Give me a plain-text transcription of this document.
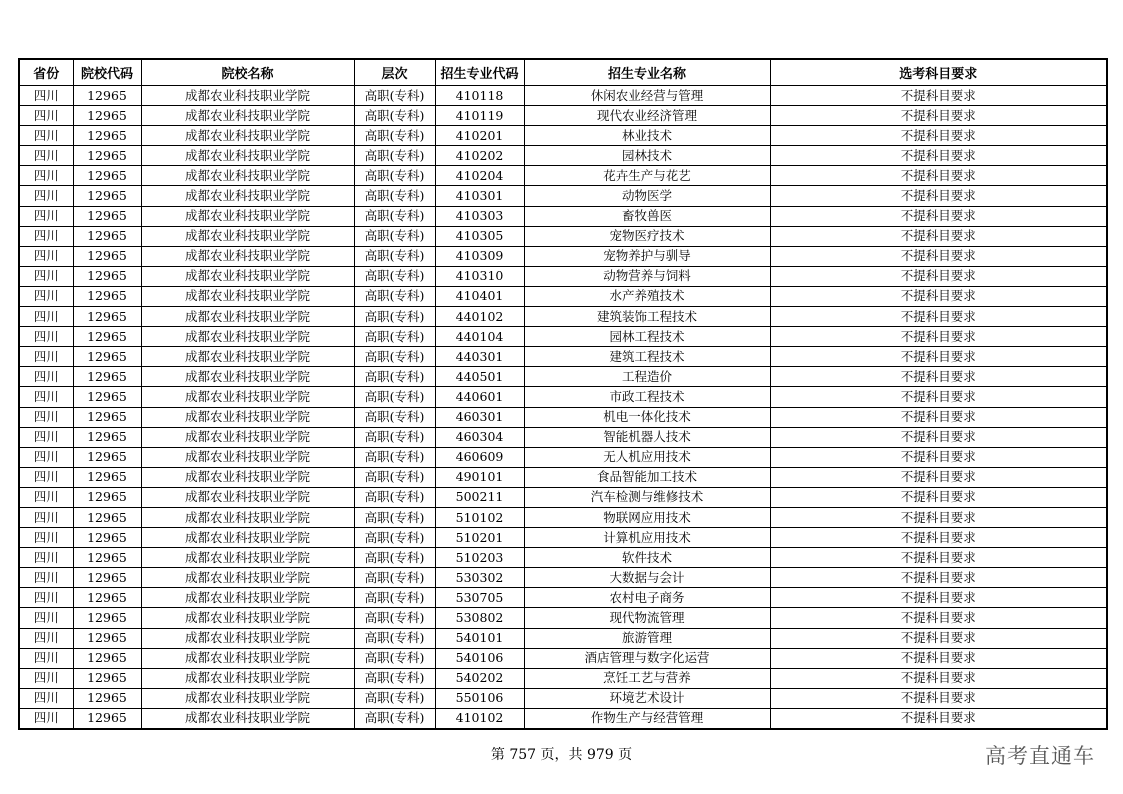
省份	院校代码	院校名称	层次	招生专业代码	招生专业名称	选考科目要求
四川	12965	成都农业科技职业学院	高职(专科)	410118	休闲农业经营与管理	不提科目要求
四川	12965	成都农业科技职业学院	高职(专科)	410119	现代农业经济管理	不提科目要求
四川	12965	成都农业科技职业学院	高职(专科)	410201	林业技术	不提科目要求
四川	12965	成都农业科技职业学院	高职(专科)	410202	园林技术	不提科目要求
四川	12965	成都农业科技职业学院	高职(专科)	410204	花卉生产与花艺	不提科目要求
四川	12965	成都农业科技职业学院	高职(专科)	410301	动物医学	不提科目要求
四川	12965	成都农业科技职业学院	高职(专科)	410303	畜牧兽医	不提科目要求
四川	12965	成都农业科技职业学院	高职(专科)	410305	宠物医疗技术	不提科目要求
四川	12965	成都农业科技职业学院	高职(专科)	410309	宠物养护与驯导	不提科目要求
四川	12965	成都农业科技职业学院	高职(专科)	410310	动物营养与饲料	不提科目要求
四川	12965	成都农业科技职业学院	高职(专科)	410401	水产养殖技术	不提科目要求
四川	12965	成都农业科技职业学院	高职(专科)	440102	建筑装饰工程技术	不提科目要求
四川	12965	成都农业科技职业学院	高职(专科)	440104	园林工程技术	不提科目要求
四川	12965	成都农业科技职业学院	高职(专科)	440301	建筑工程技术	不提科目要求
四川	12965	成都农业科技职业学院	高职(专科)	440501	工程造价	不提科目要求
四川	12965	成都农业科技职业学院	高职(专科)	440601	市政工程技术	不提科目要求
四川	12965	成都农业科技职业学院	高职(专科)	460301	机电一体化技术	不提科目要求
四川	12965	成都农业科技职业学院	高职(专科)	460304	智能机器人技术	不提科目要求
四川	12965	成都农业科技职业学院	高职(专科)	460609	无人机应用技术	不提科目要求
四川	12965	成都农业科技职业学院	高职(专科)	490101	食品智能加工技术	不提科目要求
四川	12965	成都农业科技职业学院	高职(专科)	500211	汽车检测与维修技术	不提科目要求
四川	12965	成都农业科技职业学院	高职(专科)	510102	物联网应用技术	不提科目要求
四川	12965	成都农业科技职业学院	高职(专科)	510201	计算机应用技术	不提科目要求
四川	12965	成都农业科技职业学院	高职(专科)	510203	软件技术	不提科目要求
四川	12965	成都农业科技职业学院	高职(专科)	530302	大数据与会计	不提科目要求
四川	12965	成都农业科技职业学院	高职(专科)	530705	农村电子商务	不提科目要求
四川	12965	成都农业科技职业学院	高职(专科)	530802	现代物流管理	不提科目要求
四川	12965	成都农业科技职业学院	高职(专科)	540101	旅游管理	不提科目要求
四川	12965	成都农业科技职业学院	高职(专科)	540106	酒店管理与数字化运营	不提科目要求
四川	12965	成都农业科技职业学院	高职(专科)	540202	烹饪工艺与营养	不提科目要求
四川	12965	成都农业科技职业学院	高职(专科)	550106	环境艺术设计	不提科目要求
四川	12965	成都农业科技职业学院	高职(专科)	410102	作物生产与经营管理	不提科目要求
第 757 页，共 979 页	高考直通车
